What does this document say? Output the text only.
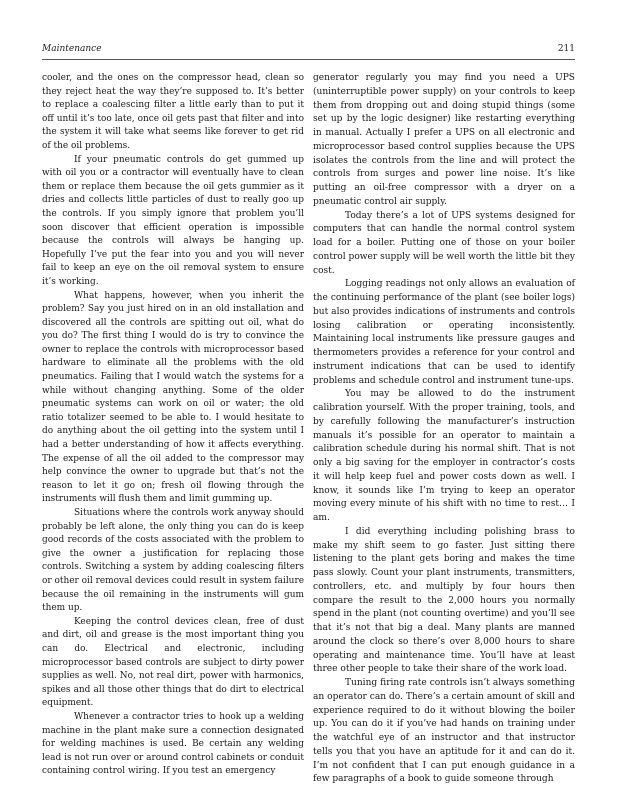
Maintenance	211

cooler, and the ones on the compressor head, clean so they reject heat the way they’re supposed to. It’s better to replace a coalescing filter a little early than to put it off until it’s too late, once oil gets past that filter and into the system it will take what seems like forever to get rid of the oil problems.

If your pneumatic controls do get gummed up with oil you or a contractor will eventually have to clean them or replace them because the oil gets gummier as it dries and collects little particles of dust to really goo up the controls. If you simply ignore that problem you’ll soon discover that efficient operation is impossible because the controls will always be hanging up. Hopefully I’ve put the fear into you and you will never fail to keep an eye on the oil removal system to ensure it’s working.

What happens, however, when you inherit the problem? Say you just hired on in an old installation and discovered all the controls are spitting out oil, what do you do? The first thing I would do is try to convince the owner to replace the controls with microprocessor based hardware to eliminate all the problems with the old pneumatics. Failing that I would watch the systems for a while without changing anything. Some of the older pneumatic systems can work on oil or water; the old ratio totalizer seemed to be able to. I would hesitate to do anything about the oil getting into the system until I had a better understanding of how it affects everything. The expense of all the oil added to the compressor may help convince the owner to upgrade but that’s not the reason to let it go on; fresh oil flowing through the instruments will flush them and limit gumming up.

Situations where the controls work anyway should probably be left alone, the only thing you can do is keep good records of the costs associated with the problem to give the owner a justification for replacing those controls. Switching a system by adding coalescing filters or other oil removal devices could result in system failure because the oil remaining in the instruments will gum them up.

Keeping the control devices clean, free of dust and dirt, oil and grease is the most important thing you can do. Electrical and electronic, including microprocessor based controls are subject to dirty power supplies as well. No, not real dirt, power with harmonics, spikes and all those other things that do dirt to electrical equipment.

Whenever a contractor tries to hook up a welding machine in the plant make sure a connection designated for welding machines is used. Be certain any welding lead is not run over or around control cabinets or conduit containing control wiring. If you test an emergency

generator regularly you may find you need a UPS (uninterruptible power supply) on your controls to keep them from dropping out and doing stupid things (some set up by the logic designer) like restarting everything in manual. Actually I prefer a UPS on all electronic and microprocessor based control supplies because the UPS isolates the controls from the line and will protect the controls from surges and power line noise. It’s like putting an oil-free compressor with a dryer on a pneumatic control air supply.

Today there’s a lot of UPS systems designed for computers that can handle the normal control system load for a boiler. Putting one of those on your boiler control power supply will be well worth the little bit they cost.

Logging readings not only allows an evaluation of the continuing performance of the plant (see boiler logs) but also provides indications of instruments and controls losing calibration or operating inconsistently. Maintaining local instruments like pressure gauges and thermometers provides a reference for your control and instrument indications that can be used to identify problems and schedule control and instrument tune-ups.

You may be allowed to do the instrument calibration yourself. With the proper training, tools, and by carefully following the manufacturer’s instruction manuals it’s possible for an operator to maintain a calibration schedule during his normal shift. That is not only a big saving for the employer in contractor’s costs it will help keep fuel and power costs down as well. I know, it sounds like I’m trying to keep an operator moving every minute of his shift with no time to rest… I am.

I did everything including polishing brass to make my shift seem to go faster. Just sitting there listening to the plant gets boring and makes the time pass slowly. Count your plant instruments, transmitters, controllers, etc. and multiply by four hours then compare the result to the 2,000 hours you normally spend in the plant (not counting overtime) and you’ll see that it’s not that big a deal. Many plants are manned around the clock so there’s over 8,000 hours to share operating and maintenance time. You’ll have at least three other people to take their share of the work load.

Tuning firing rate controls isn’t always something an operator can do. There’s a certain amount of skill and experience required to do it without blowing the boiler up. You can do it if you’ve had hands on training under the watchful eye of an instructor and that instructor tells you that you have an aptitude for it and can do it. I’m not confident that I can put enough guidance in a few paragraphs of a book to guide someone through
